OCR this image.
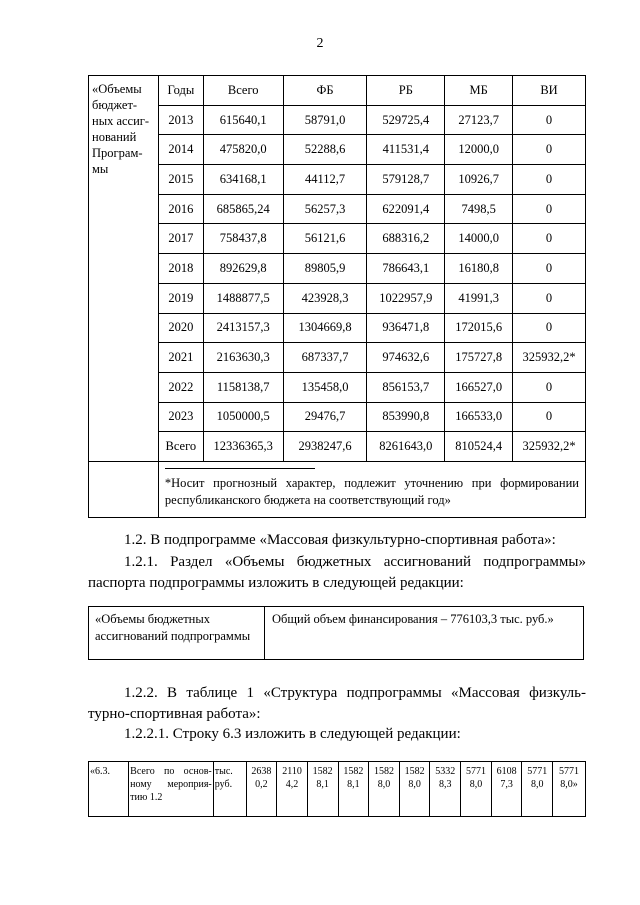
2
«Объемы бюджет-ных ассиг-нований Програм-мы	Годы	Всего	ФБ	РБ	МБ	ВИ
	2013	615640,1	58791,0	529725,4	27123,7	0
	2014	475820,0	52288,6	411531,4	12000,0	0
	2015	634168,1	44112,7	579128,7	10926,7	0
	2016	685865,24	56257,3	622091,4	7498,5	0
	2017	758437,8	56121,6	688316,2	14000,0	0
	2018	892629,8	89805,9	786643,1	16180,8	0
	2019	1488877,5	423928,3	1022957,9	41991,3	0
	2020	2413157,3	1304669,8	936471,8	172015,6	0
	2021	2163630,3	687337,7	974632,6	175727,8	325932,2*
	2022	1158138,7	135458,0	856153,7	166527,0	0
	2023	1050000,5	29476,7	853990,8	166533,0	0
	Всего	12336365,3	2938247,6	8261643,0	810524,4	325932,2*

*Носит прогнозный характер, подлежит уточнению при формировании республиканского бюджета на соответствующий год»					
1.2. В подпрограмме «Массовая физкультурно-спортивная работа»:
1.2.1. Раздел «Объемы бюджетных ассигнований подпрограммы» паспорта подпрограммы изложить в следующей редакции:
«Объемы бюджетных ассигнований подпрограммы
Общий объем финансирования – 776103,3 тыс. руб.»
1.2.2. В таблице 1 «Структура подпрограммы «Массовая физкуль-турно-спортивная работа»:
1.2.2.1. Строку 6.3 изложить в следующей редакции:
«6.3.	Всего по основ-ному мероприя-тию 1.2	тыс. руб.	2638 0,2	2110 4,2	1582 8,1	1582 8,1	1582 8,0	1582 8,0	5332 8,3	5771 8,0	6108 7,3	5771 8,0	5771 8,0»
